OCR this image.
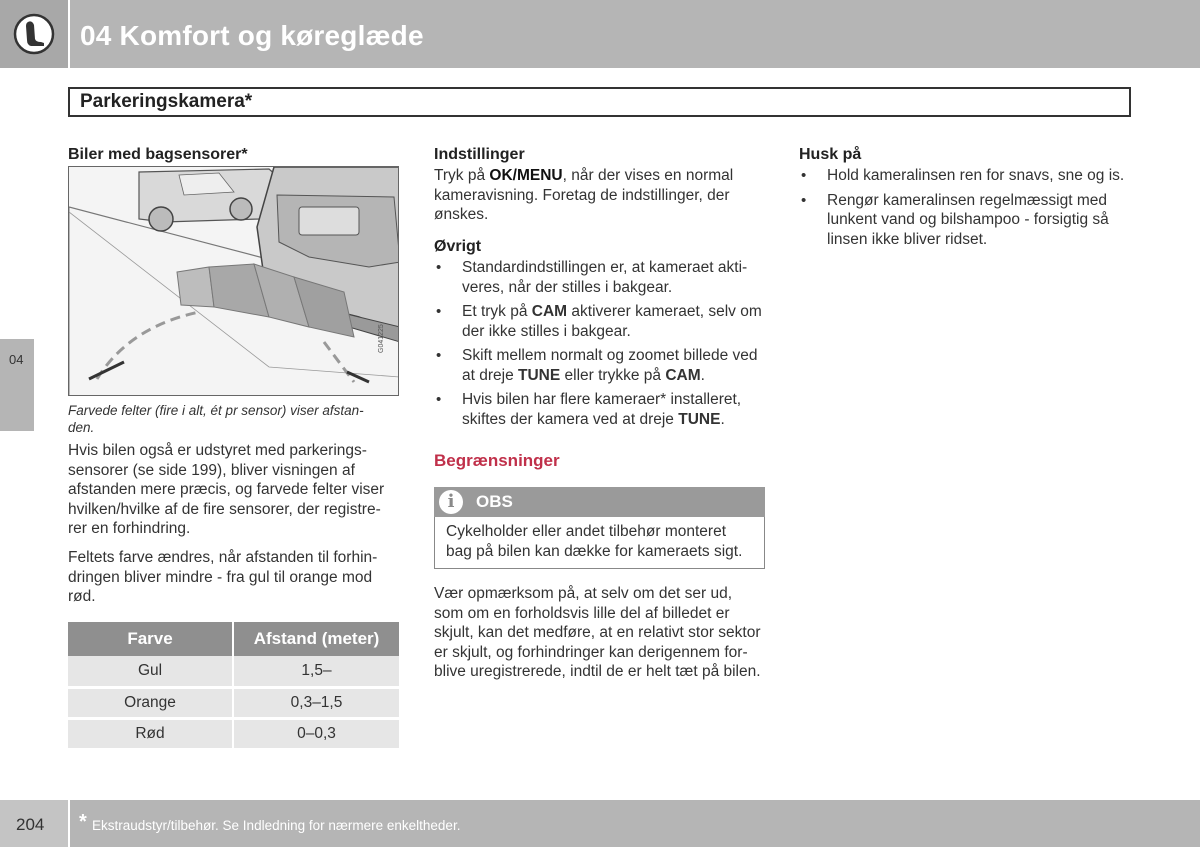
04 Komfort og køreglæde
Parkeringskamera*
04
Biler med bagsensorer*
G041225
Farvede felter (fire i alt, ét pr sensor) viser afstan-
den.
Hvis bilen også er udstyret med parkerings-
sensorer (se side 199), bliver visningen af
afstanden mere præcis, og farvede felter viser
hvilken/hvilke af de fire sensorer, der registre-
rer en forhindring.
Feltets farve ændres, når afstanden til forhin-
dringen bliver mindre - fra gul til orange mod
rød.
Farve	Afstand (meter)
Gul	1,5–
Orange	0,3–1,5
Rød	0–0,3
Indstillinger
Tryk på OK/MENU, når der vises en normal
kameravisning. Foretag de indstillinger, der
ønskes.
Øvrigt
• Standardindstillingen er, at kameraet akti-
veres, når der stilles i bakgear.
• Et tryk på CAM aktiverer kameraet, selv om
der ikke stilles i bakgear.
• Skift mellem normalt og zoomet billede ved
at dreje TUNE eller trykke på CAM.
• Hvis bilen har flere kameraer* installeret,
skiftes der kamera ved at dreje TUNE.
Begrænsninger
i	OBS
Cykelholder eller andet tilbehør monteret
bag på bilen kan dække for kameraets sigt.
Vær opmærksom på, at selv om det ser ud,
som om en forholdsvis lille del af billedet er
skjult, kan det medføre, at en relativt stor sektor
er skjult, og forhindringer kan derigennem for-
blive uregistrerede, indtil de er helt tæt på bilen.
Husk på
• Hold kameralinsen ren for snavs, sne og is.
• Rengør kameralinsen regelmæssigt med
lunkent vand og bilshampoo - forsigtig så
linsen ikke bliver ridset.
204 * Ekstraudstyr/tilbehør. Se Indledning for nærmere enkeltheder.
